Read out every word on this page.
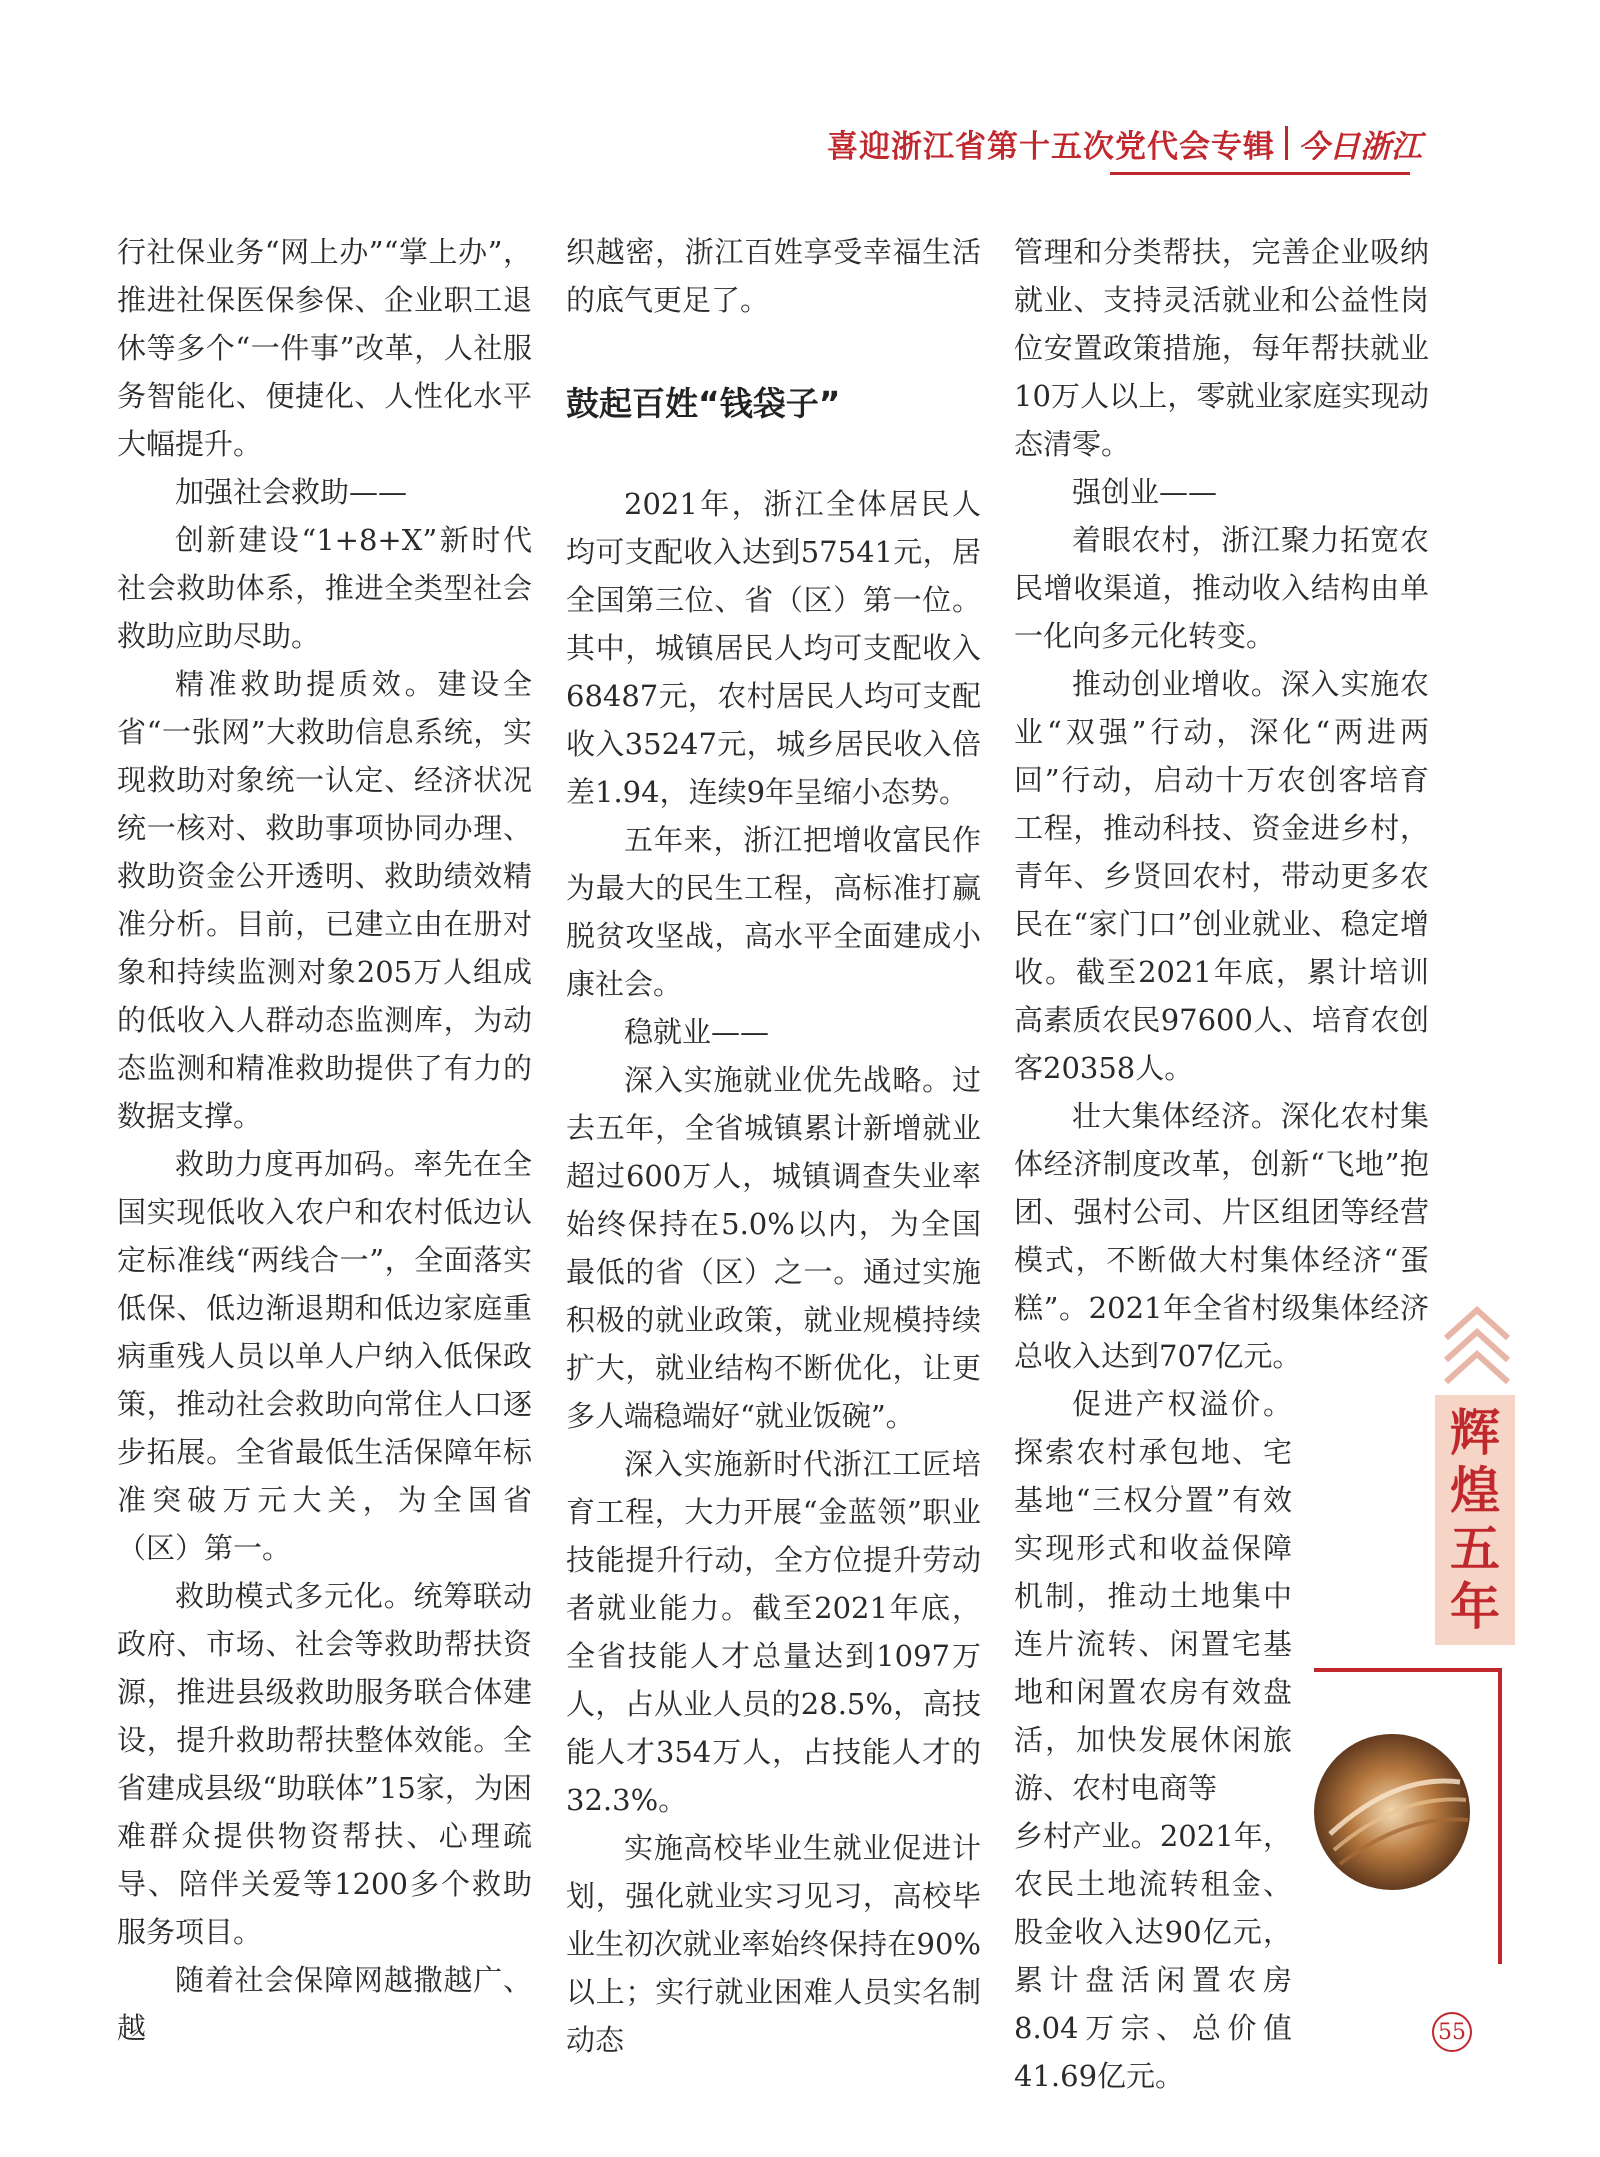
喜迎浙江省第十五次党代会专辑 今日浙江

行社保业务“网上办”“掌上办”，推进社保医保参保、企业职工退休等多个“一件事”改革，人社服务智能化、便捷化、人性化水平大幅提升。

加强社会救助——

创新建设“1+8+X”新时代社会救助体系，推进全类型社会救助应助尽助。

精准救助提质效。建设全省“一张网”大救助信息系统，实现救助对象统一认定、经济状况统一核对、救助事项协同办理、救助资金公开透明、救助绩效精准分析。目前，已建立由在册对象和持续监测对象205万人组成的低收入人群动态监测库，为动态监测和精准救助提供了有力的数据支撑。

救助力度再加码。率先在全国实现低收入农户和农村低边认定标准线“两线合一”，全面落实低保、低边渐退期和低边家庭重病重残人员以单人户纳入低保政策，推动社会救助向常住人口逐步拓展。全省最低生活保障年标准突破万元大关，为全国省（区）第一。

救助模式多元化。统筹联动政府、市场、社会等救助帮扶资源，推进县级救助服务联合体建设，提升救助帮扶整体效能。全省建成县级“助联体”15家，为困难群众提供物资帮扶、心理疏导、陪伴关爱等1200多个救助服务项目。

随着社会保障网越撒越广、越

织越密，浙江百姓享受幸福生活的底气更足了。

鼓起百姓“钱袋子”

2021年，浙江全体居民人均可支配收入达到57541元，居全国第三位、省（区）第一位。其中，城镇居民人均可支配收入68487元，农村居民人均可支配收入35247元，城乡居民收入倍差1.94，连续9年呈缩小态势。

五年来，浙江把增收富民作为最大的民生工程，高标准打赢脱贫攻坚战，高水平全面建成小康社会。

稳就业——

深入实施就业优先战略。过去五年，全省城镇累计新增就业超过600万人，城镇调查失业率始终保持在5.0%以内，为全国最低的省（区）之一。通过实施积极的就业政策，就业规模持续扩大，就业结构不断优化，让更多人端稳端好“就业饭碗”。

深入实施新时代浙江工匠培育工程，大力开展“金蓝领”职业技能提升行动，全方位提升劳动者就业能力。截至2021年底，全省技能人才总量达到1097万人，占从业人员的28.5%，高技能人才354万人，占技能人才的32.3%。

实施高校毕业生就业促进计划，强化就业实习见习，高校毕业生初次就业率始终保持在90%以上；实行就业困难人员实名制动态

管理和分类帮扶，完善企业吸纳就业、支持灵活就业和公益性岗位安置政策措施，每年帮扶就业10万人以上，零就业家庭实现动态清零。

强创业——

着眼农村，浙江聚力拓宽农民增收渠道，推动收入结构由单一化向多元化转变。

推动创业增收。深入实施农业“双强”行动，深化“两进两回”行动，启动十万农创客培育工程，推动科技、资金进乡村，青年、乡贤回农村，带动更多农民在“家门口”创业就业、稳定增收。截至2021年底，累计培训高素质农民97600人、培育农创客20358人。

壮大集体经济。深化农村集体经济制度改革，创新“飞地”抱团、强村公司、片区组团等经营模式，不断做大村集体经济“蛋糕”。2021年全省村级集体经济总收入达到707亿元。

促进产权溢价。探索农村承包地、宅基地“三权分置”有效实现形式和收益保障机制，推动土地集中连片流转、闲置宅基地和闲置农房有效盘活，加快发展休闲旅游、农村电商等

乡村产业。2021年，农民土地流转租金、股金收入达90亿元，累计盘活闲置农房8.04万宗、总价值41.69亿元。

辉
煌
五
年
55
